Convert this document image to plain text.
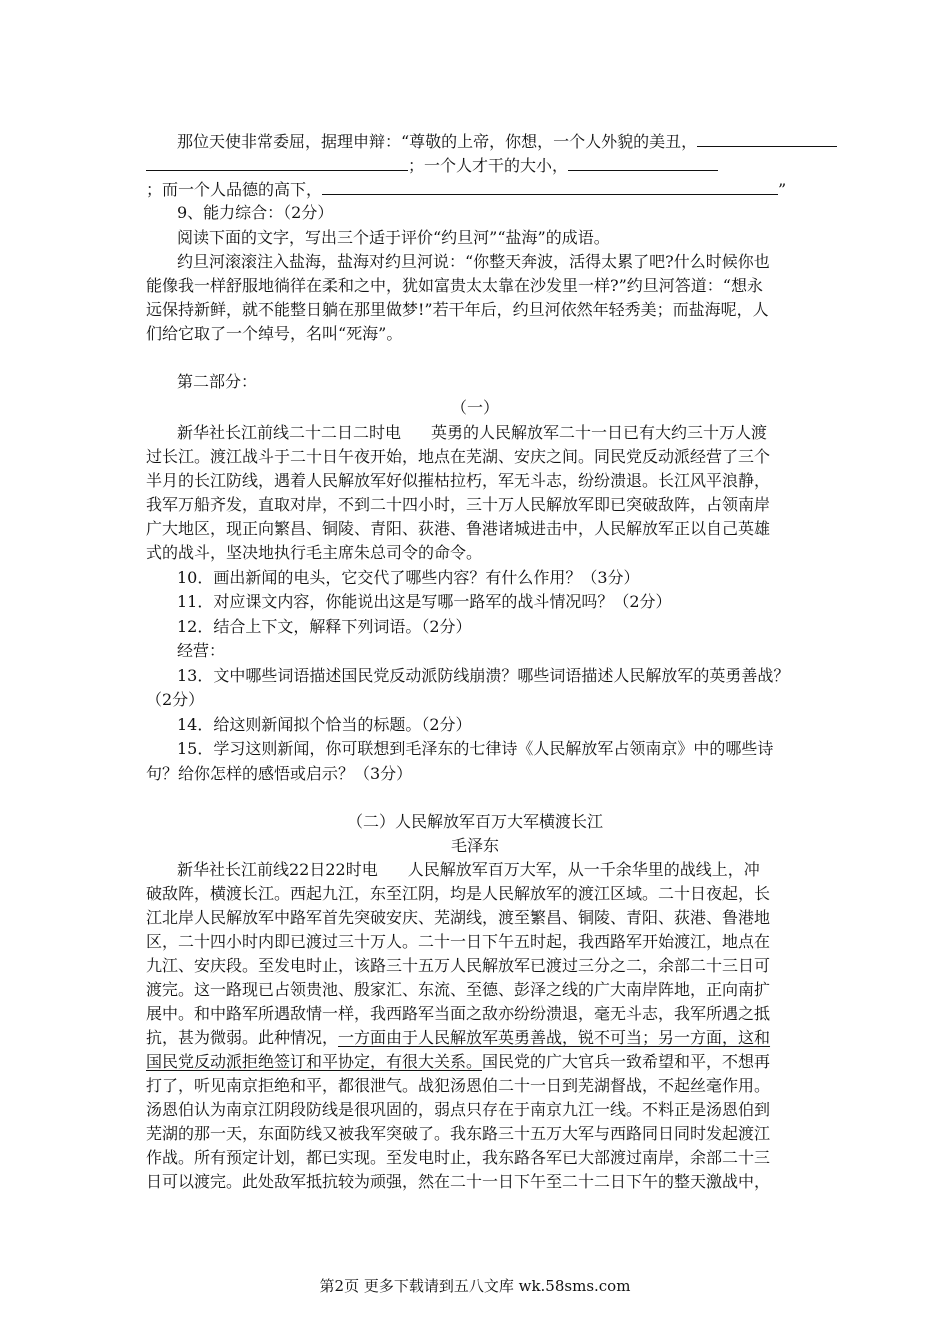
那位天使非常委屈，据理申辩：“尊敬的上帝，你想，一个人外貌的美丑，
；一个人才干的大小，
；而一个人品德的高下，	”
9、能力综合：（2分）
阅读下面的文字，写出三个适于评价“约旦河”“盐海”的成语。
约旦河滚滚注入盐海，盐海对约旦河说：“你整天奔波，活得太累了吧?什么时候你也
能像我一样舒服地徜徉在柔和之中，犹如富贵太太靠在沙发里一样?”约旦河答道：“想永
远保持新鲜，就不能整日躺在那里做梦!”若干年后，约旦河依然年轻秀美；而盐海呢，人
们给它取了一个绰号，名叫“死海”。
第二部分：
（一）
新华社长江前线二十二日二时电 英勇的人民解放军二十一日已有大约三十万人渡
过长江。渡江战斗于二十日午夜开始，地点在芜湖、安庆之间。同民党反动派经营了三个
半月的长江防线，遇着人民解放军好似摧枯拉朽，军无斗志，纷纷溃退。长江风平浪静，
我军万船齐发，直取对岸，不到二十四小时，三十万人民解放军即已突破敌阵，占领南岸
广大地区，现正向繁昌、铜陵、青阳、荻港、鲁港诸城进击中，人民解放军正以自己英雄
式的战斗，坚决地执行毛主席朱总司令的命令。
10．画出新闻的电头，它交代了哪些内容？有什么作用？（3分）
11．对应课文内容，你能说出这是写哪一路军的战斗情况吗？（2分）
12．结合上下文，解释下列词语。（2分）
经营：
13．文中哪些词语描述国民党反动派防线崩溃？哪些词语描述人民解放军的英勇善战？
（2分）
14．给这则新闻拟个恰当的标题。（2分）
15．学习这则新闻，你可联想到毛泽东的七律诗《人民解放军占领南京》中的哪些诗
句？给你怎样的感悟或启示？（3分）
（二）人民解放军百万大军横渡长江
毛泽东
新华社长江前线22日22时电 人民解放军百万大军，从一千余华里的战线上，冲
破敌阵，横渡长江。西起九江，东至江阴，均是人民解放军的渡江区域。二十日夜起，长
江北岸人民解放军中路军首先突破安庆、芜湖线，渡至繁昌、铜陵、青阳、荻港、鲁港地
区，二十四小时内即已渡过三十万人。二十一日下午五时起，我西路军开始渡江，地点在
九江、安庆段。至发电时止，该路三十五万人民解放军已渡过三分之二，余部二十三日可
渡完。这一路现已占领贵池、殷家汇、东流、至德、彭泽之线的广大南岸阵地，正向南扩
展中。和中路军所遇敌情一样，我西路军当面之敌亦纷纷溃退，毫无斗志，我军所遇之抵
抗，甚为微弱。此种情况，一方面由于人民解放军英勇善战，锐不可当；另一方面，这和
国民党反动派拒绝签订和平协定，有很大关系。国民党的广大官兵一致希望和平，不想再
打了，听见南京拒绝和平，都很泄气。战犯汤恩伯二十一日到芜湖督战，不起丝毫作用。
汤恩伯认为南京江阴段防线是很巩固的，弱点只存在于南京九江一线。不料正是汤恩伯到
芜湖的那一天，东面防线又被我军突破了。我东路三十五万大军与西路同日同时发起渡江
作战。所有预定计划，都已实现。至发电时止，我东路各军已大部渡过南岸，余部二十三
日可以渡完。此处敌军抵抗较为顽强，然在二十一日下午至二十二日下午的整天激战中，
第2页 更多下载请到五八文库 wk.58sms.com
